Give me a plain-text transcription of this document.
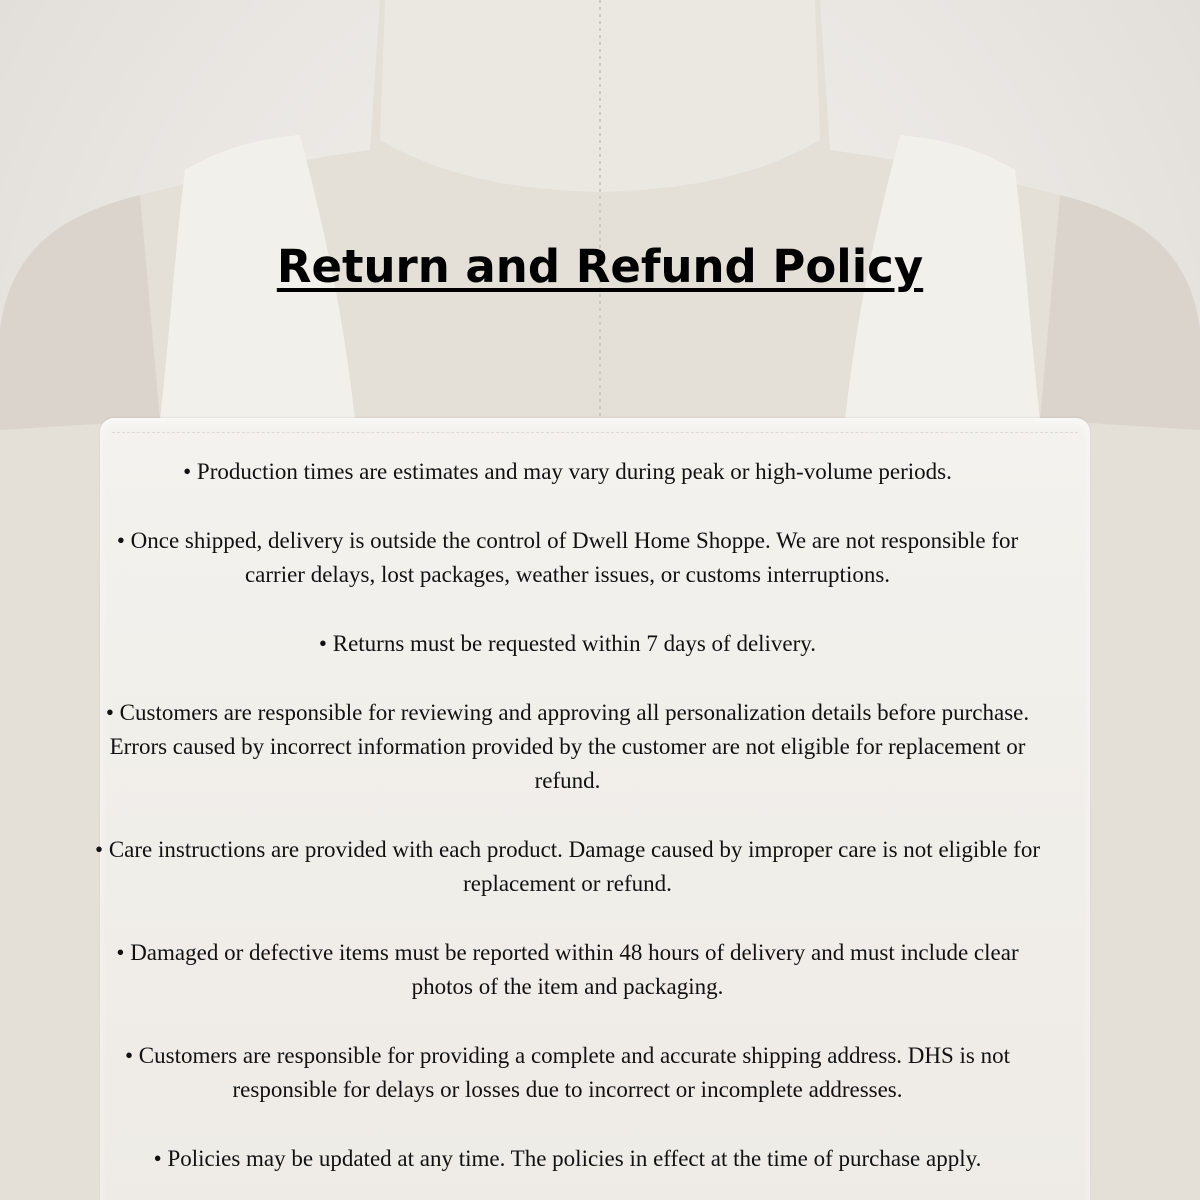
Return and Refund Policy
• Production times are estimates and may vary during peak or high-volume periods.
• Once shipped, delivery is outside the control of Dwell Home Shoppe. We are not responsible for carrier delays, lost packages, weather issues, or customs interruptions.
• Returns must be requested within 7 days of delivery.
• Customers are responsible for reviewing and approving all personalization details before purchase. Errors caused by incorrect information provided by the customer are not eligible for replacement or refund.
• Care instructions are provided with each product. Damage caused by improper care is not eligible for replacement or refund.
• Damaged or defective items must be reported within 48 hours of delivery and must include clear photos of the item and packaging.
• Customers are responsible for providing a complete and accurate shipping address. DHS is not responsible for delays or losses due to incorrect or incomplete addresses.
• Policies may be updated at any time. The policies in effect at the time of purchase apply.
